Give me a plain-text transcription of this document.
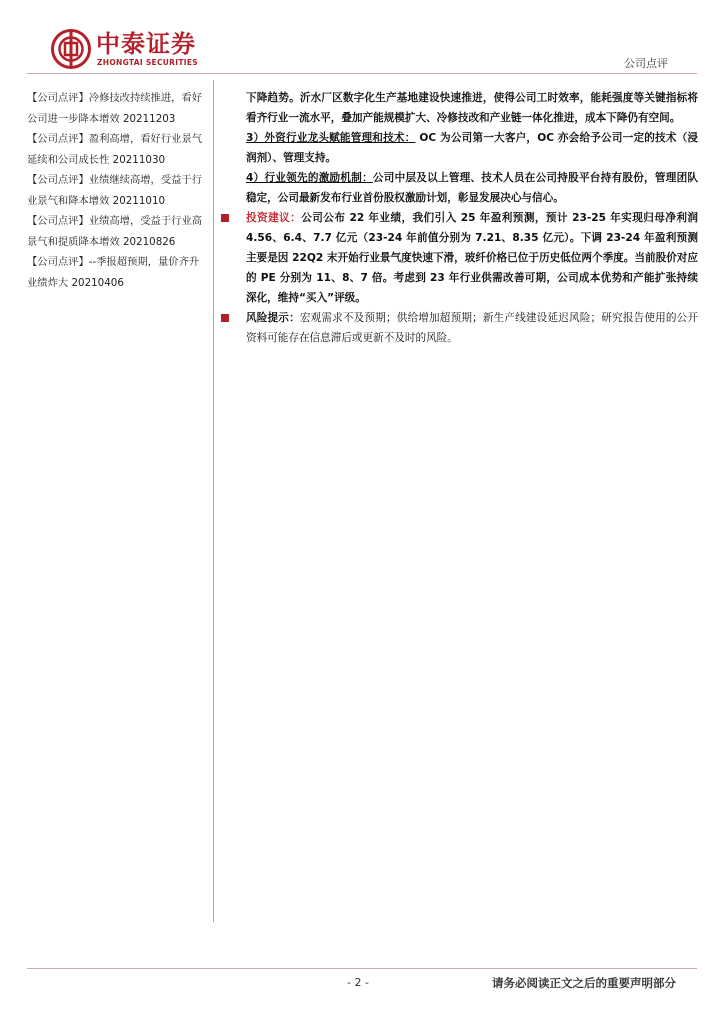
中泰证券
ZHONGTAI SECURITIES	公司点评

【公司点评】冷修技改持续推进，看好公司进一步降本增效 20211203

【公司点评】盈利高增，看好行业景气延续和公司成长性 20211030

【公司点评】业绩继续高增，受益于行业景气和降本增效 20211010

【公司点评】业绩高增，受益于行业高景气和提质降本增效 20210826

【公司点评】--季报超预期，量价齐升业绩炸大 20210406

下降趋势。沂水厂区数字化生产基地建设快速推进，使得公司工时效率，能耗强度等关键指标将看齐行业一流水平，叠加产能规模扩大、冷修技改和产业链一体化推进，成本下降仍有空间。

3）外资行业龙头赋能管理和技术： OC 为公司第一大客户，OC 亦会给予公司一定的技术（浸润剂）、管理支持。

4）行业领先的激励机制：公司中层及以上管理、技术人员在公司持股平台持有股份，管理团队稳定，公司最新发布行业首份股权激励计划，彰显发展决心与信心。

投资建议：公司公布 22 年业绩，我们引入 25 年盈利预测，预计 23-25 年实现归母净利润 4.56、6.4、7.7 亿元（23-24 年前值分别为 7.21、8.35 亿元）。下调 23-24 年盈利预测主要是因 22Q2 末开始行业景气度快速下滑，玻纤价格已位于历史低位两个季度。当前股价对应的 PE 分别为 11、8、7 倍。考虑到 23 年行业供需改善可期，公司成本优势和产能扩张持续深化，维持“买入”评级。

风险提示：宏观需求不及预期；供给增加超预期；新生产线建设延迟风险；研究报告使用的公开资料可能存在信息滞后或更新不及时的风险。

- 2 -	请务必阅读正文之后的重要声明部分
